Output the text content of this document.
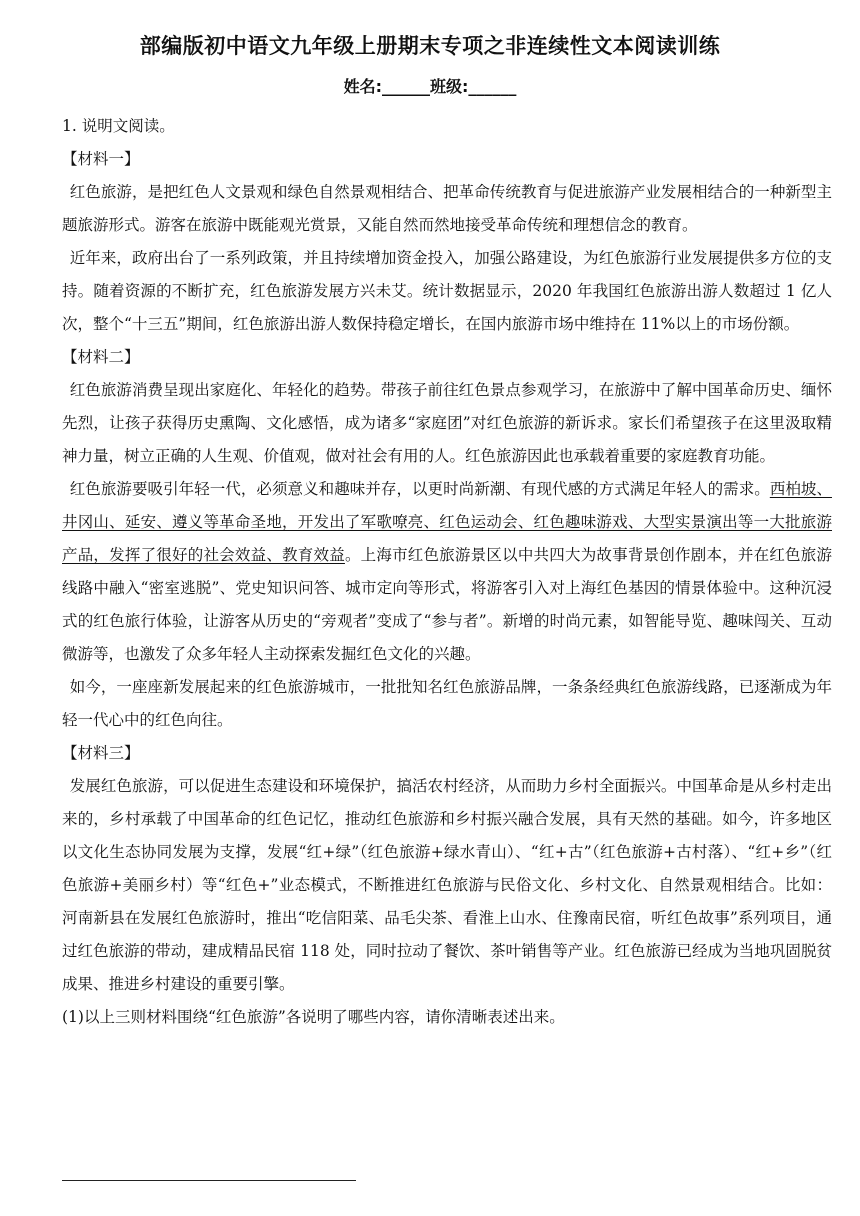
部编版初中语文九年级上册期末专项之非连续性文本阅读训练
姓名:______班级:______

1. 说明文阅读。

【材料一】

红色旅游，是把红色人文景观和绿色自然景观相结合、把革命传统教育与促进旅游产业发展相结合的一种新型主题旅游形式。游客在旅游中既能观光赏景，又能自然而然地接受革命传统和理想信念的教育。

近年来，政府出台了一系列政策，并且持续增加资金投入，加强公路建设，为红色旅游行业发展提供多方位的支持。随着资源的不断扩充，红色旅游发展方兴未艾。统计数据显示，2020 年我国红色旅游出游人数超过 1 亿人次，整个“十三五”期间，红色旅游出游人数保持稳定增长，在国内旅游市场中维持在 11%以上的市场份额。

【材料二】

红色旅游消费呈现出家庭化、年轻化的趋势。带孩子前往红色景点参观学习，在旅游中了解中国革命历史、缅怀先烈，让孩子获得历史熏陶、文化感悟，成为诸多“家庭团”对红色旅游的新诉求。家长们希望孩子在这里汲取精神力量，树立正确的人生观、价值观，做对社会有用的人。红色旅游因此也承载着重要的家庭教育功能。

红色旅游要吸引年轻一代，必须意义和趣味并存，以更时尚新潮、有现代感的方式满足年轻人的需求。西柏坡、井冈山、延安、遵义等革命圣地，开发出了军歌嘹亮、红色运动会、红色趣味游戏、大型实景演出等一大批旅游产品，发挥了很好的社会效益、教育效益。上海市红色旅游景区以中共四大为故事背景创作剧本，并在红色旅游线路中融入“密室逃脱”、党史知识问答、城市定向等形式，将游客引入对上海红色基因的情景体验中。这种沉浸式的红色旅行体验，让游客从历史的“旁观者”变成了“参与者”。新增的时尚元素，如智能导览、趣味闯关、互动微游等，也激发了众多年轻人主动探索发掘红色文化的兴趣。

如今，一座座新发展起来的红色旅游城市，一批批知名红色旅游品牌，一条条经典红色旅游线路，已逐渐成为年轻一代心中的红色向往。

【材料三】

发展红色旅游，可以促进生态建设和环境保护，搞活农村经济，从而助力乡村全面振兴。中国革命是从乡村走出来的，乡村承载了中国革命的红色记忆，推动红色旅游和乡村振兴融合发展，具有天然的基础。如今，许多地区以文化生态协同发展为支撑，发展“红+绿”（红色旅游+绿水青山）、“红+古”（红色旅游+古村落）、“红+乡”（红色旅游+美丽乡村）等“红色+”业态模式，不断推进红色旅游与民俗文化、乡村文化、自然景观相结合。比如：河南新县在发展红色旅游时，推出“吃信阳菜、品毛尖茶、看淮上山水、住豫南民宿，听红色故事”系列项目，通过红色旅游的带动，建成精品民宿 118 处，同时拉动了餐饮、茶叶销售等产业。红色旅游已经成为当地巩固脱贫成果、推进乡村建设的重要引擎。

(1)以上三则材料围绕“红色旅游”各说明了哪些内容，请你清晰表述出来。
